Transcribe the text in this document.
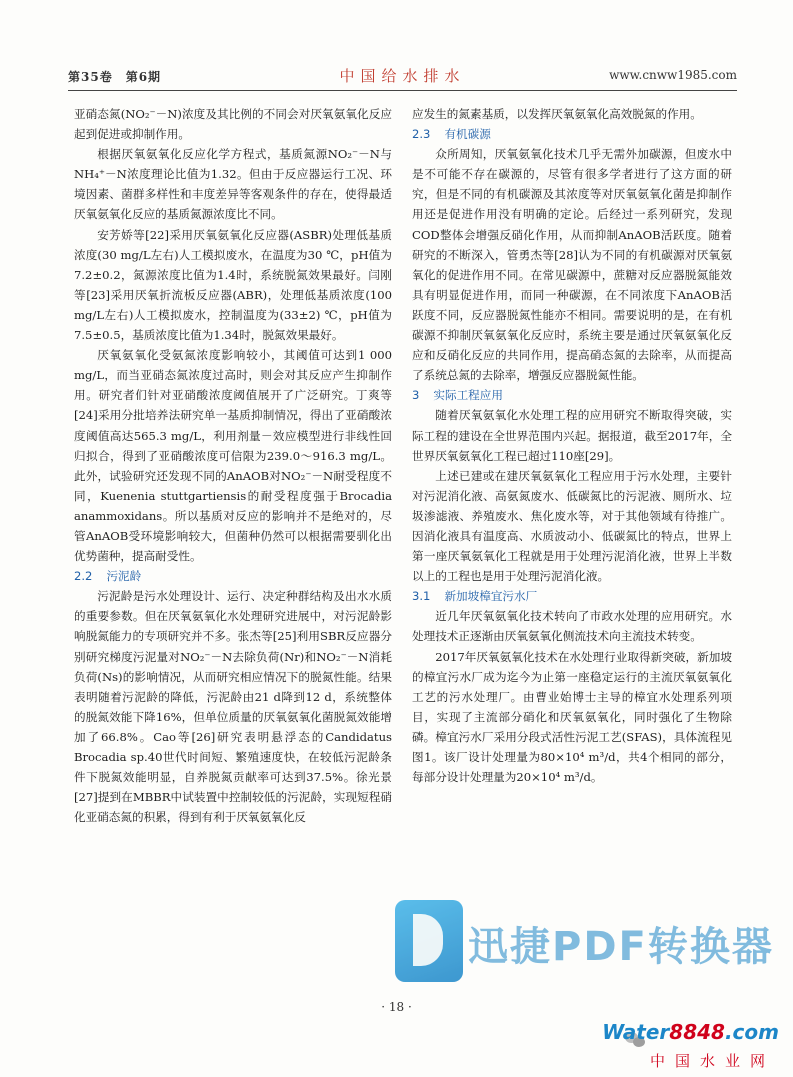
第35卷　第6期	中国给水排水	www.cnww1985.com

亚硝态氮(NO₂⁻－N)浓度及其比例的不同会对厌氧氨氧化反应起到促进或抑制作用。

根据厌氧氨氧化反应化学方程式，基质氮源NO₂⁻－N与NH₄⁺－N浓度理论比值为1.32。但由于反应器运行工况、环境因素、菌群多样性和丰度差异等客观条件的存在，使得最适厌氧氨氧化反应的基质氮源浓度比不同。

安芳娇等[22]采用厌氧氨氧化反应器(ASBR)处理低基质浓度(30 mg/L左右)人工模拟废水，在温度为30 ℃，pH值为7.2±0.2，氮源浓度比值为1.4时，系统脱氮效果最好。闫刚等[23]采用厌氧折流板反应器(ABR)，处理低基质浓度(100 mg/L左右)人工模拟废水，控制温度为(33±2) ℃，pH值为7.5±0.5，基质浓度比值为1.34时，脱氮效果最好。

厌氧氨氧化受氨氮浓度影响较小，其阈值可达到1 000 mg/L，而当亚硝态氮浓度过高时，则会对其反应产生抑制作用。研究者们针对亚硝酸浓度阈值展开了广泛研究。丁爽等[24]采用分批培养法研究单一基质抑制情况，得出了亚硝酸浓度阈值高达565.3 mg/L，利用剂量－效应模型进行非线性回归拟合，得到了亚硝酸浓度可信限为239.0～916.3 mg/L。此外，试验研究还发现不同的AnAOB对NO₂⁻－N耐受程度不同，Kuenenia stuttgartiensis的耐受程度强于Brocadia anammoxidans。所以基质对反应的影响并不是绝对的，尽管AnAOB受环境影响较大，但菌种仍然可以根据需要驯化出优势菌种，提高耐受性。

2.2 污泥龄

污泥龄是污水处理设计、运行、决定种群结构及出水水质的重要参数。但在厌氧氨氧化水处理研究进展中，对污泥龄影响脱氮能力的专项研究并不多。张杰等[25]利用SBR反应器分别研究梯度污泥量对NO₂⁻－N去除负荷(Nr)和NO₂⁻－N消耗负荷(Ns)的影响情况，从而研究相应情况下的脱氮性能。结果表明随着污泥龄的降低，污泥龄由21 d降到12 d，系统整体的脱氮效能下降16%，但单位质量的厌氧氨氧化菌脱氮效能增加了66.8%。Cao等[26]研究表明悬浮态的Candidatus Brocadia sp.40世代时间短、繁殖速度快，在较低污泥龄条件下脱氮效能明显，自养脱氮贡献率可达到37.5%。徐光景[27]提到在MBBR中试装置中控制较低的污泥龄，实现短程硝化亚硝态氮的积累，得到有利于厌氧氨氧化反

应发生的氮素基质，以发挥厌氧氨氧化高效脱氮的作用。

2.3 有机碳源

众所周知，厌氧氨氧化技术几乎无需外加碳源，但废水中是不可能不存在碳源的，尽管有很多学者进行了这方面的研究，但是不同的有机碳源及其浓度等对厌氧氨氧化菌是抑制作用还是促进作用没有明确的定论。后经过一系列研究，发现COD整体会增强反硝化作用，从而抑制AnAOB活跃度。随着研究的不断深入，管勇杰等[28]认为不同的有机碳源对厌氧氨氧化的促进作用不同。在常见碳源中，蔗糖对反应器脱氮能效具有明显促进作用，而同一种碳源，在不同浓度下AnAOB活跃度不同，反应器脱氮性能亦不相同。需要说明的是，在有机碳源不抑制厌氧氨氧化反应时，系统主要是通过厌氧氨氧化反应和反硝化反应的共同作用，提高硝态氮的去除率，从而提高了系统总氮的去除率，增强反应器脱氮性能。

3 实际工程应用

随着厌氧氨氧化水处理工程的应用研究不断取得突破，实际工程的建设在全世界范围内兴起。据报道，截至2017年，全世界厌氧氨氧化工程已超过110座[29]。

上述已建或在建厌氧氨氧化工程应用于污水处理，主要针对污泥消化液、高氨氮废水、低碳氮比的污泥液、厕所水、垃圾渗滤液、养殖废水、焦化废水等，对于其他领域有待推广。因消化液具有温度高、水质波动小、低碳氮比的特点，世界上第一座厌氧氨氧化工程就是用于处理污泥消化液，世界上半数以上的工程也是用于处理污泥消化液。

3.1 新加坡樟宜污水厂

近几年厌氧氨氧化技术转向了市政水处理的应用研究。水处理技术正逐渐由厌氧氨氧化侧流技术向主流技术转变。

2017年厌氧氨氧化技术在水处理行业取得新突破，新加坡的樟宜污水厂成为迄今为止第一座稳定运行的主流厌氧氨氧化工艺的污水处理厂。由曹业始博士主导的樟宜水处理系列项目，实现了主流部分硝化和厌氧氨氧化，同时强化了生物除磷。樟宜污水厂采用分段式活性污泥工艺(SFAS)，具体流程见图1。该厂设计处理量为80×10⁴ m³/d，共4个相同的部分，每部分设计处理量为20×10⁴ m³/d。

迅捷PDF转换器
· 18 ·
Water8848.com
中国水业网
